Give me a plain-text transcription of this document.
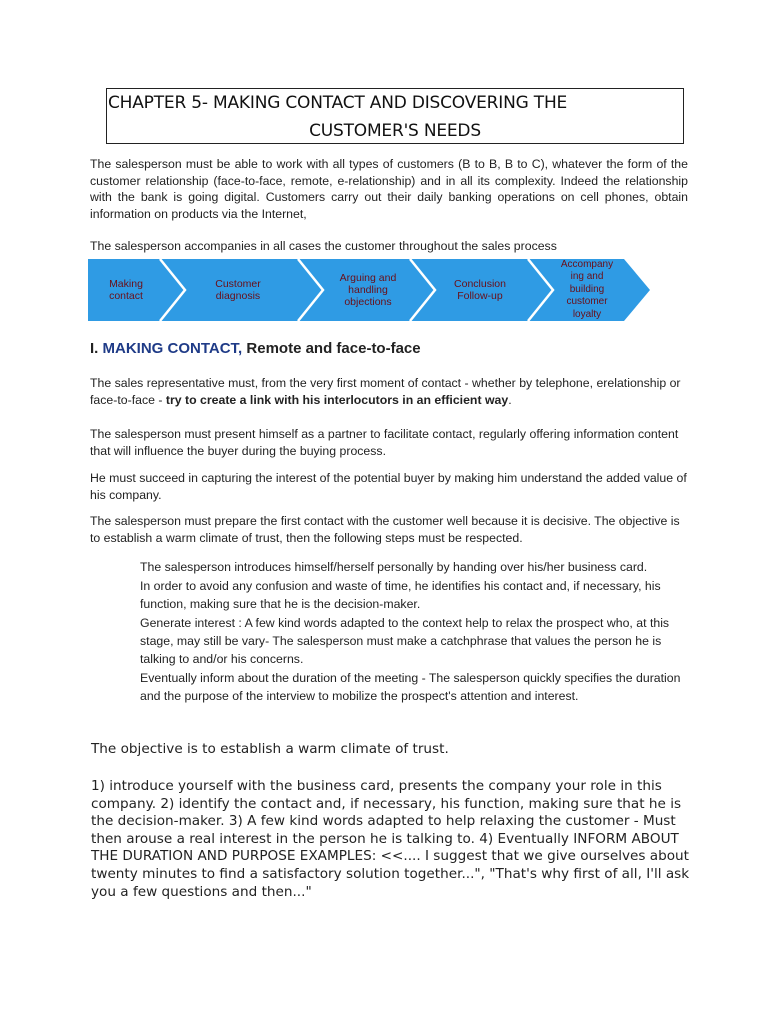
CHAPTER 5- MAKING CONTACT AND DISCOVERING THE
CUSTOMER'S NEEDS

The salesperson must be able to work with all types of customers (B to B, B to C), whatever the form of the customer relationship (face-to-face, remote, e-relationship) and in all its complexity. Indeed the relationship with the bank is going digital. Customers carry out their daily banking operations on cell phones, obtain information on products via the Internet,

The salesperson accompanies in all cases the customer throughout the sales process

Making
contact
Customer
diagnosis
Arguing and
handling
objections
Conclusion
Follow-up
Accompany
ing and
building
customer
loyalty
I. MAKING CONTACT, Remote and face-to-face

The sales representative must, from the very first moment of contact - whether by telephone, erelationship or face-to-face - try to create a link with his interlocutors in an efficient way.

The salesperson must present himself as a partner to facilitate contact, regularly offering information content that will influence the buyer during the buying process.

He must succeed in capturing the interest of the potential buyer by making him understand the added value of his company.

The salesperson must prepare the first contact with the customer well because it is decisive. The objective is to establish a warm climate of trust, then the following steps must be respected.

The salesperson introduces himself/herself personally by handing over his/her business card.
In order to avoid any confusion and waste of time, he identifies his contact and, if necessary, his function, making sure that he is the decision-maker.
Generate interest : A few kind words adapted to the context help to relax the prospect who, at this stage, may still be vary- The salesperson must make a catchphrase that values the person he is talking to and/or his concerns.
Eventually inform about the duration of the meeting - The salesperson quickly specifies the duration and the purpose of the interview to mobilize the prospect's attention and interest.

The objective is to establish a warm climate of trust.

1) introduce yourself with the business card, presents the company your role in this company. 2) identify the contact and, if necessary, his function, making sure that he is the decision-maker. 3) A few kind words adapted to help relaxing the customer - Must then arouse a real interest in the person he is talking to. 4) Eventually INFORM ABOUT THE DURATION AND PURPOSE EXAMPLES: <<.... I suggest that we give ourselves about twenty minutes to find a satisfactory solution together...", "That's why first of all, I'll ask you a few questions and then..."
